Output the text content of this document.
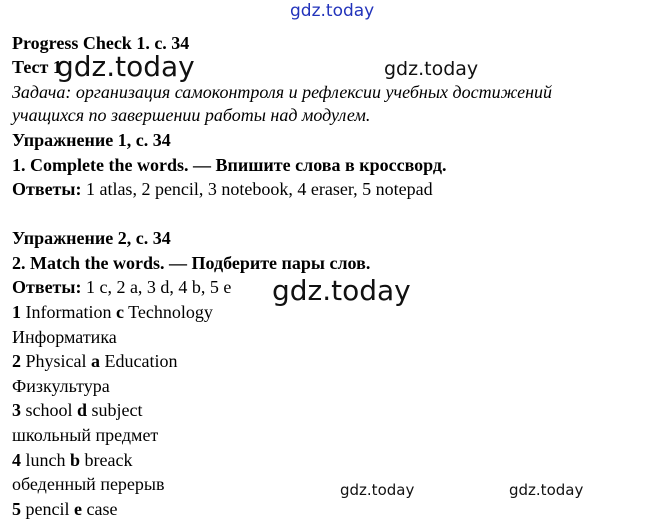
Progress Check 1. с. 34
Тест 1
Задача: организация самоконтроля и рефлексии учебных достижений
учащихся по завершении работы над модулем.
Упражнение 1, с. 34
1. Complete the words. — Впишите слова в кроссворд.
Ответы: 1 atlas, 2 pencil, 3 notebook, 4 eraser, 5 notepad
Упражнение 2, с. 34
2. Match the words. — Подберите пары слов.
Ответы: 1 с, 2 а, 3 d, 4 b, 5 e
1 Information c Technology
Информатика
2 Physical a Education
Физкультура
3 school d subject
школьный предмет
4 lunch b breack
обеденный перерыв
5 pencil e case
gdz.today
gdz.today	gdz.today
gdz.today
gdz.today	gdz.today
